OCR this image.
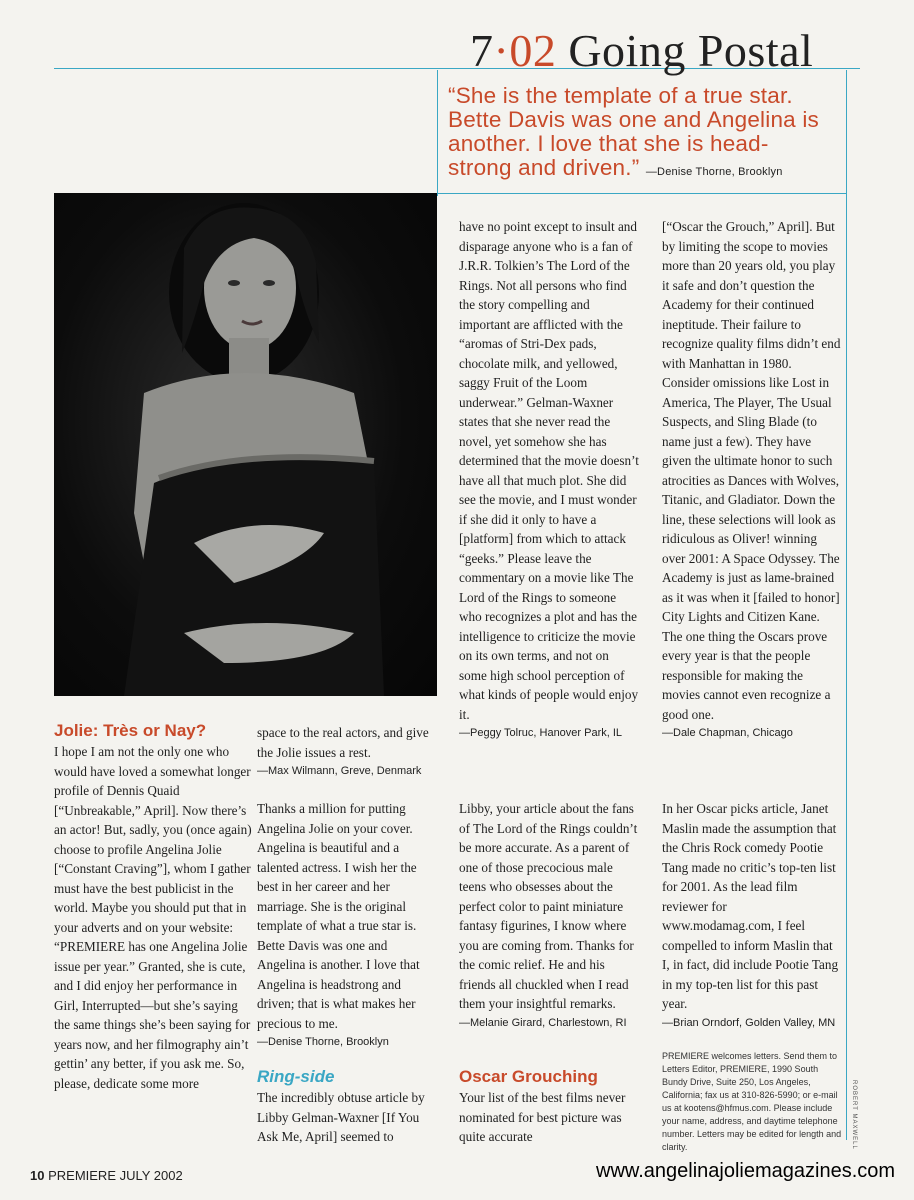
7·02 Going Postal
“She is the template of a true star. Bette Davis was one and Angelina is another. I love that she is head-strong and driven.” —Denise Thorne, Brooklyn
Jolie: Très or Nay?

I hope I am not the only one who would have loved a somewhat longer profile of Dennis Quaid [“Unbreakable,” April]. Now there’s an actor! But, sadly, you (once again) choose to profile Angelina Jolie [“Constant Craving”], whom I gather must have the best publicist in the world. Maybe you should put that in your adverts and on your website: “PREMIERE has one Angelina Jolie issue per year.” Granted, she is cute, and I did enjoy her performance in Girl, Interrupted—but she’s saying the same things she’s been saying for years now, and her filmography ain’t gettin’ any better, if you ask me. So, please, dedicate some more

space to the real actors, and give the Jolie issues a rest.

—Max Wilmann, Greve, Denmark

Thanks a million for putting Angelina Jolie on your cover. Angelina is beautiful and a talented actress. I wish her the best in her career and her marriage. She is the original template of what a true star is. Bette Davis was one and Angelina is another. I love that Angelina is headstrong and driven; that is what makes her precious to me.

—Denise Thorne, Brooklyn

Ring-side

The incredibly obtuse article by Libby Gelman-Waxner [If You Ask Me, April] seemed to

have no point except to insult and disparage anyone who is a fan of J.R.R. Tolkien’s The Lord of the Rings. Not all persons who find the story compelling and important are afflicted with the “aromas of Stri-Dex pads, chocolate milk, and yellowed, saggy Fruit of the Loom underwear.” Gelman-Waxner states that she never read the novel, yet somehow she has determined that the movie doesn’t have all that much plot. She did see the movie, and I must wonder if she did it only to have a [platform] from which to attack “geeks.” Please leave the commentary on a movie like The Lord of the Rings to someone who recognizes a plot and has the intelligence to criticize the movie on its own terms, and not on some high school perception of what kinds of people would enjoy it.

—Peggy Tolruc, Hanover Park, IL

Libby, your article about the fans of The Lord of the Rings couldn’t be more accurate. As a parent of one of those precocious male teens who obsesses about the perfect color to paint miniature fantasy figurines, I know where you are coming from. Thanks for the comic relief. He and his friends all chuckled when I read them your insightful remarks.

—Melanie Girard, Charlestown, RI

Oscar Grouching

Your list of the best films never nominated for best picture was quite accurate

[“Oscar the Grouch,” April]. But by limiting the scope to movies more than 20 years old, you play it safe and don’t question the Academy for their continued ineptitude. Their failure to recognize quality films didn’t end with Manhattan in 1980. Consider omissions like Lost in America, The Player, The Usual Suspects, and Sling Blade (to name just a few). They have given the ultimate honor to such atrocities as Dances with Wolves, Titanic, and Gladiator. Down the line, these selections will look as ridiculous as Oliver! winning over 2001: A Space Odyssey. The Academy is just as lame-brained as it was when it [failed to honor] City Lights and Citizen Kane. The one thing the Oscars prove every year is that the people responsible for making the movies cannot even recognize a good one.

—Dale Chapman, Chicago

In her Oscar picks article, Janet Maslin made the assumption that the Chris Rock comedy Pootie Tang made no critic’s top-ten list for 2001. As the lead film reviewer for www.modamag.com, I feel compelled to inform Maslin that I, in fact, did include Pootie Tang in my top-ten list for this past year.

—Brian Orndorf, Golden Valley, MN

PREMIERE welcomes letters. Send them to Letters Editor, PREMIERE, 1990 South Bundy Drive, Suite 250, Los Angeles, California; fax us at 310-826-5990; or e-mail us at kootens@hfmus.com. Please include your name, address, and daytime telephone number. Letters may be edited for length and clarity.	ROBERT MAXWELL
10 PREMIERE JULY 2002	www.angelinajoliemagazines.com
